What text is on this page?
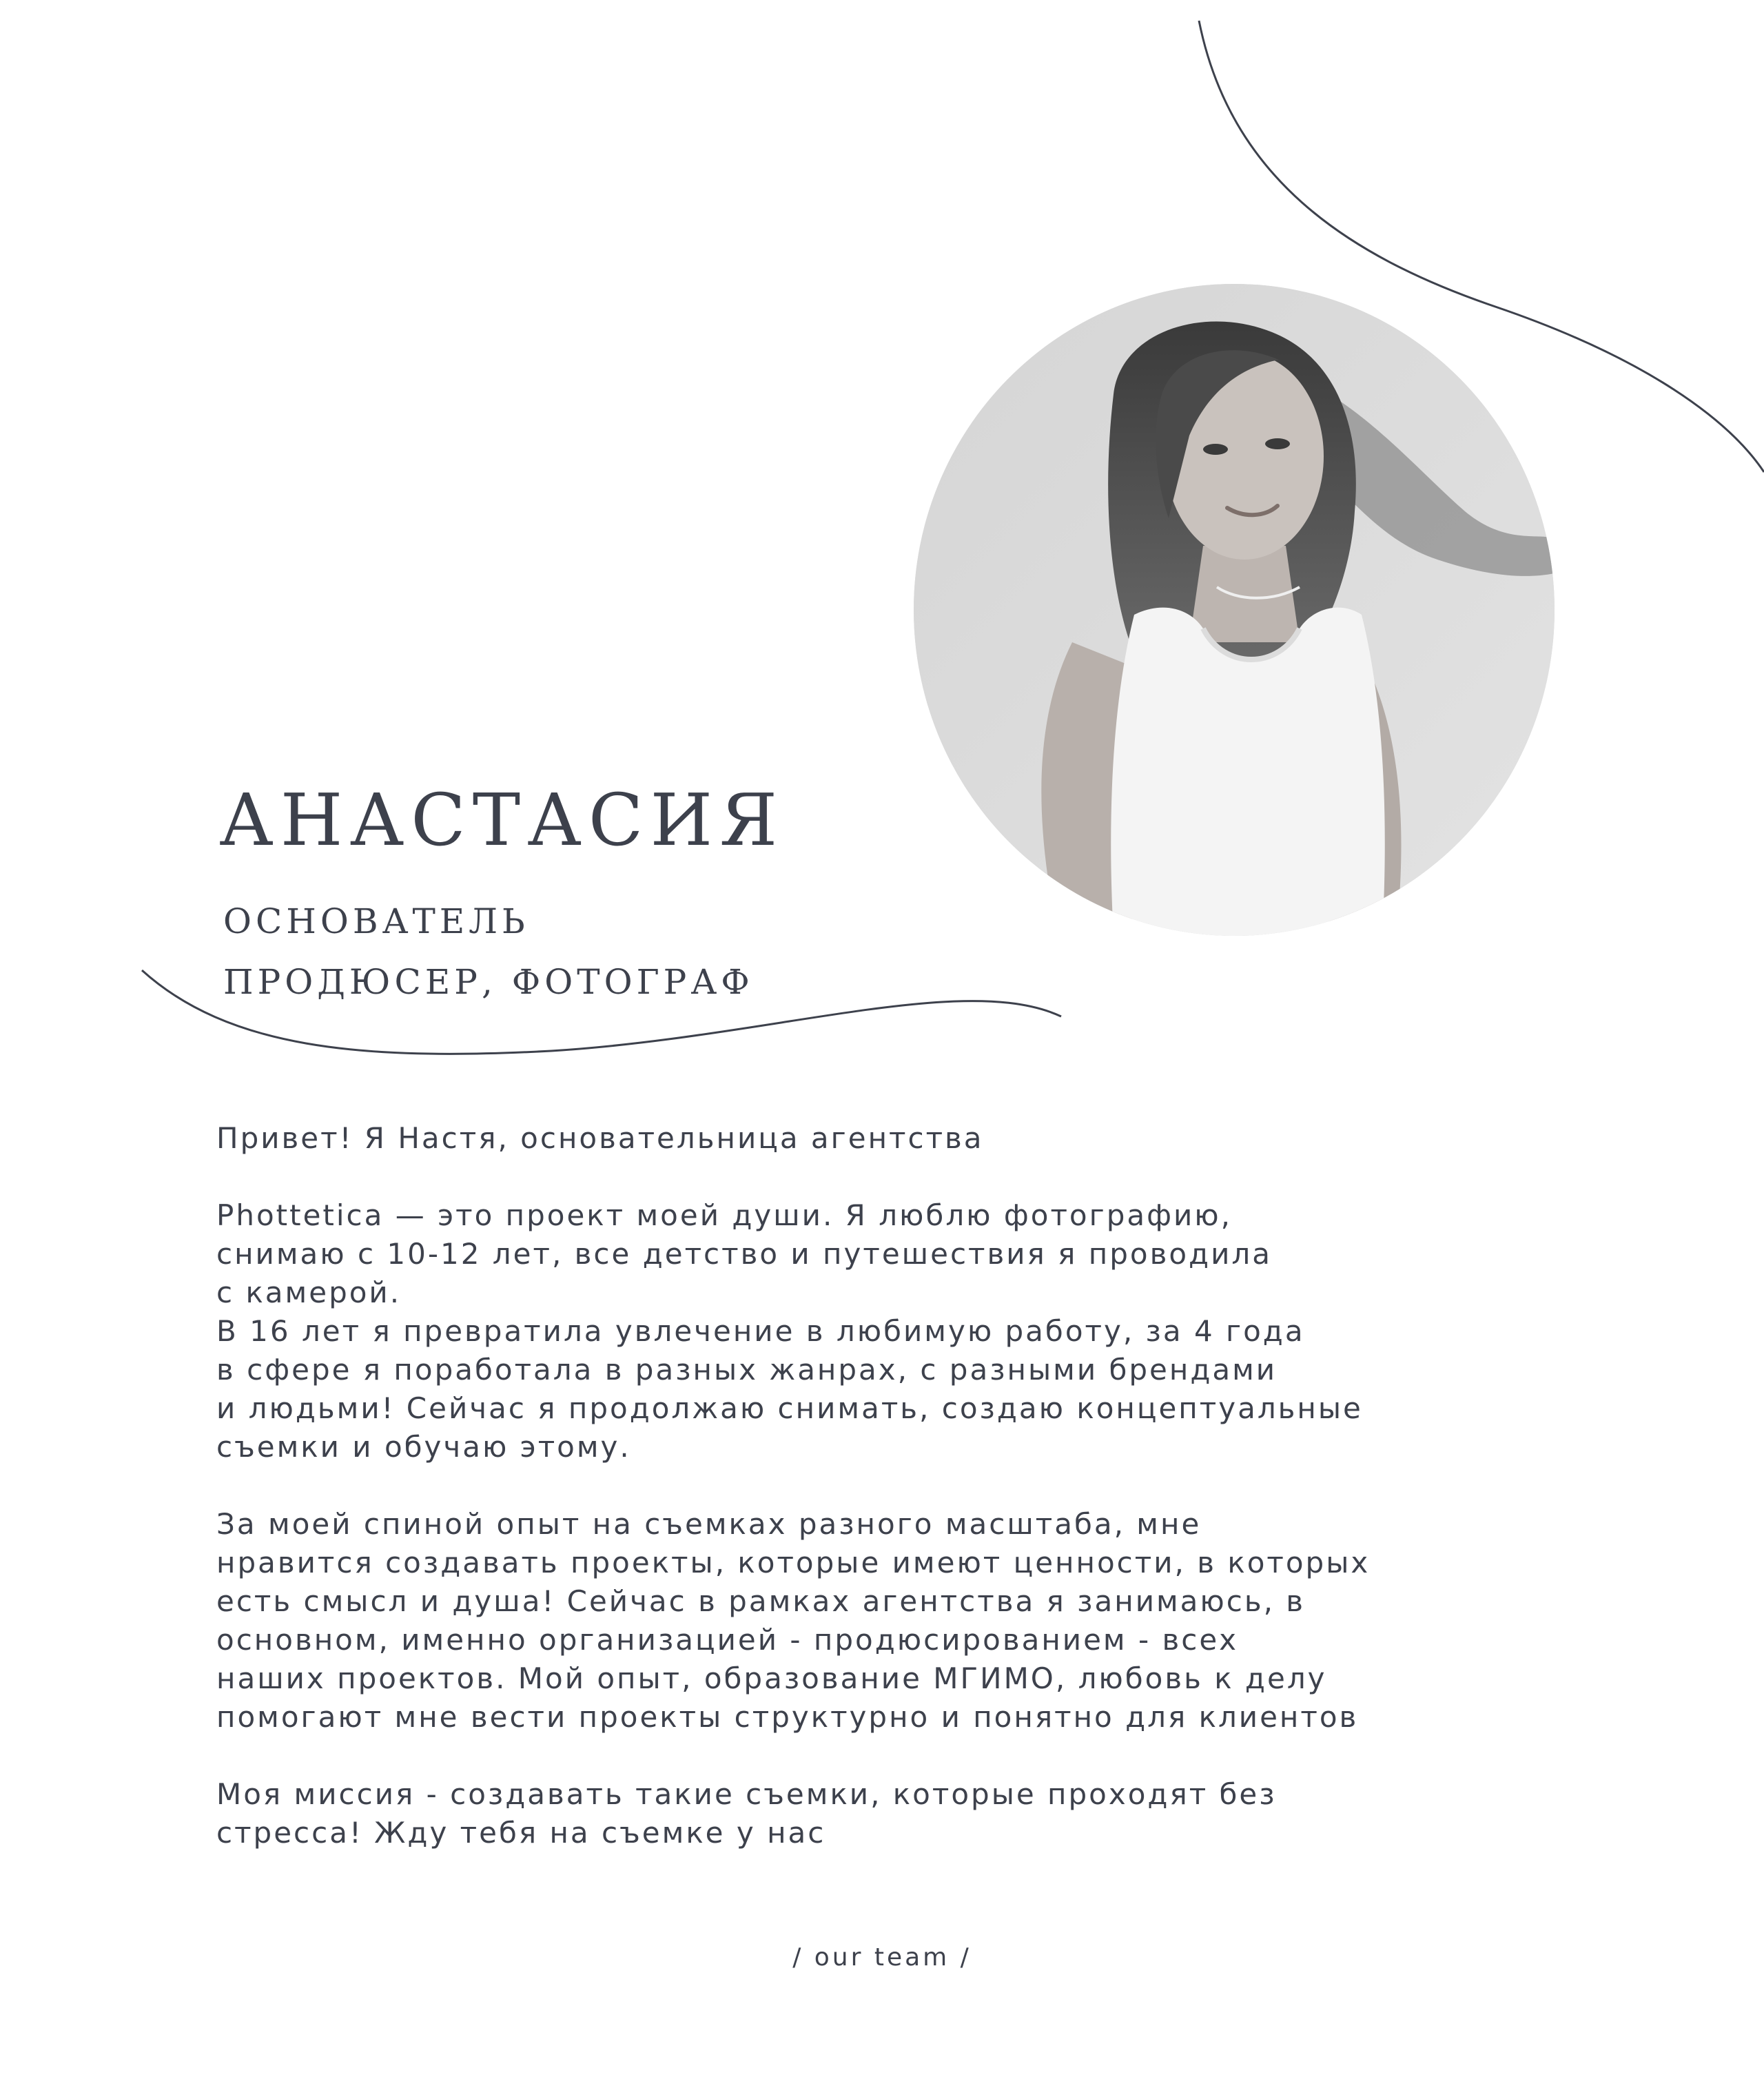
АНАСТАСИЯ
ОСНОВАТЕЛЬ
ПРОДЮСЕР, ФОТОГРАФ

Привет! Я Настя, основательница агентства

Phottetica — это проект моей души. Я люблю фотографию,
снимаю с 10-12 лет, все детство и путешествия я проводила
с камерой.
В 16 лет я превратила увлечение в любимую работу, за 4 года
в сфере я поработала в разных жанрах, с разными брендами
и людьми! Сейчас я продолжаю снимать, создаю концептуальные
съемки и обучаю этому.

За моей спиной опыт на съемках разного масштаба, мне
нравится создавать проекты, которые имеют ценности, в которых
есть смысл и душа! Сейчас в рамках агентства я занимаюсь, в
основном, именно организацией - продюсированием - всех
наших проектов. Мой опыт, образование МГИМО, любовь к делу
помогают мне вести проекты структурно и понятно для клиентов

Моя миссия - создавать такие съемки, которые проходят без
стресса! Жду тебя на съемке у нас

/ our team /
